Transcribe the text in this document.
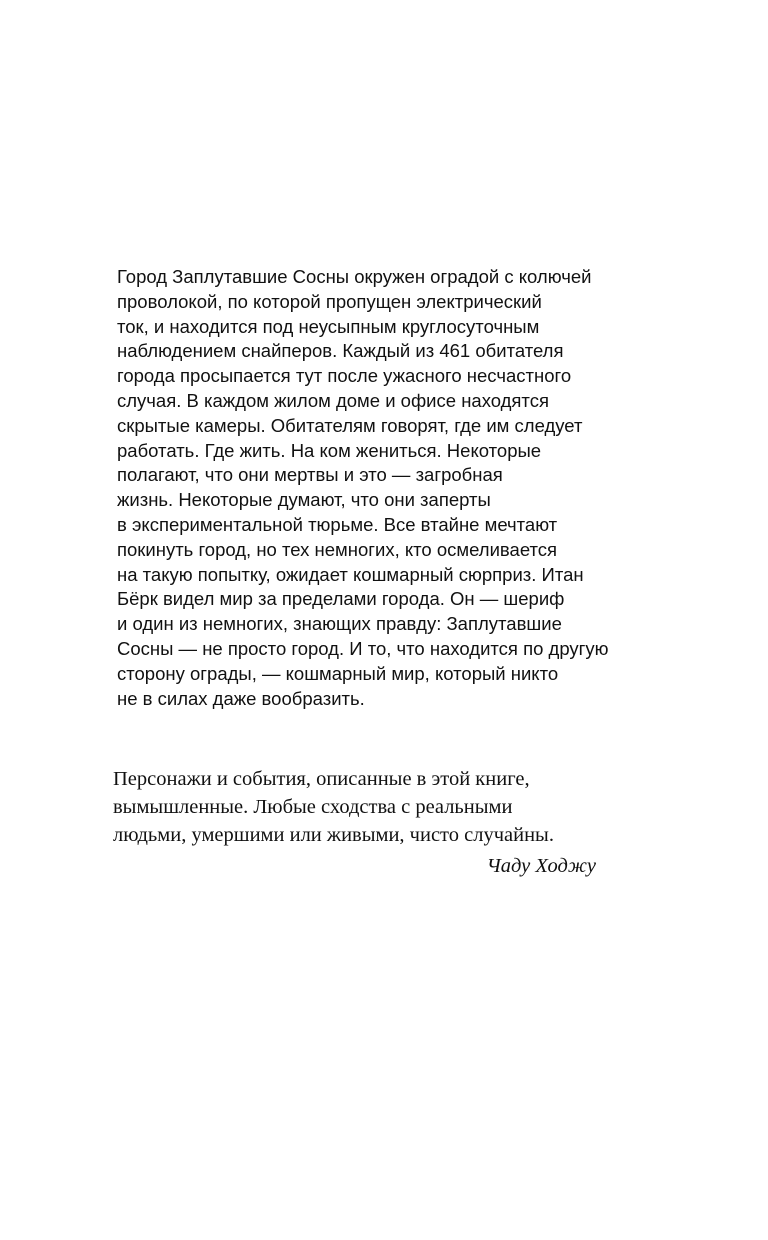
Город Заплутавшие Сосны окружен оградой с колючей
проволокой, по которой пропущен электрический
ток, и находится под неусыпным круглосуточным
наблюдением снайперов. Каждый из 461 обитателя
города просыпается тут после ужасного несчастного
случая. В каждом жилом доме и офисе находятся
скрытые камеры. Обитателям говорят, где им следует
работать. Где жить. На ком жениться. Некоторые
полагают, что они мертвы и это — загробная
жизнь. Некоторые думают, что они заперты
в экспериментальной тюрьме. Все втайне мечтают
покинуть город, но тех немногих, кто осмеливается
на такую попытку, ожидает кошмарный сюрприз. Итан
Бёрк видел мир за пределами города. Он — шериф
и один из немногих, знающих правду: Заплутавшие
Сосны — не просто город. И то, что находится по другую
сторону ограды, — кошмарный мир, который никто
не в силах даже вообразить.
Персонажи и события, описанные в этой книге,
вымышленные. Любые сходства с реальными
людьми, умершими или живыми, чисто случайны.
Чаду Ходжу
